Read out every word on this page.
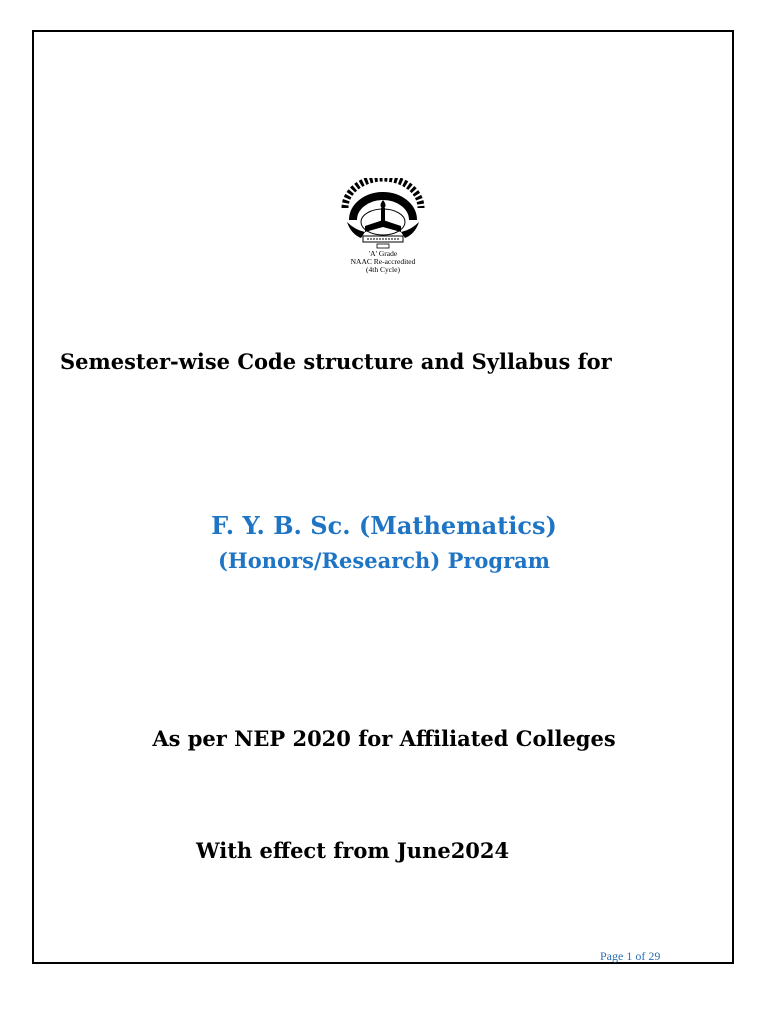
'A' Grade
NAAC Re-accredited
(4th Cycle)
Semester-wise Code structure and Syllabus for
F. Y. B. Sc. (Mathematics)
(Honors/Research) Program
As per NEP 2020 for Affiliated Colleges
With effect from June2024
Page 1 of 29
